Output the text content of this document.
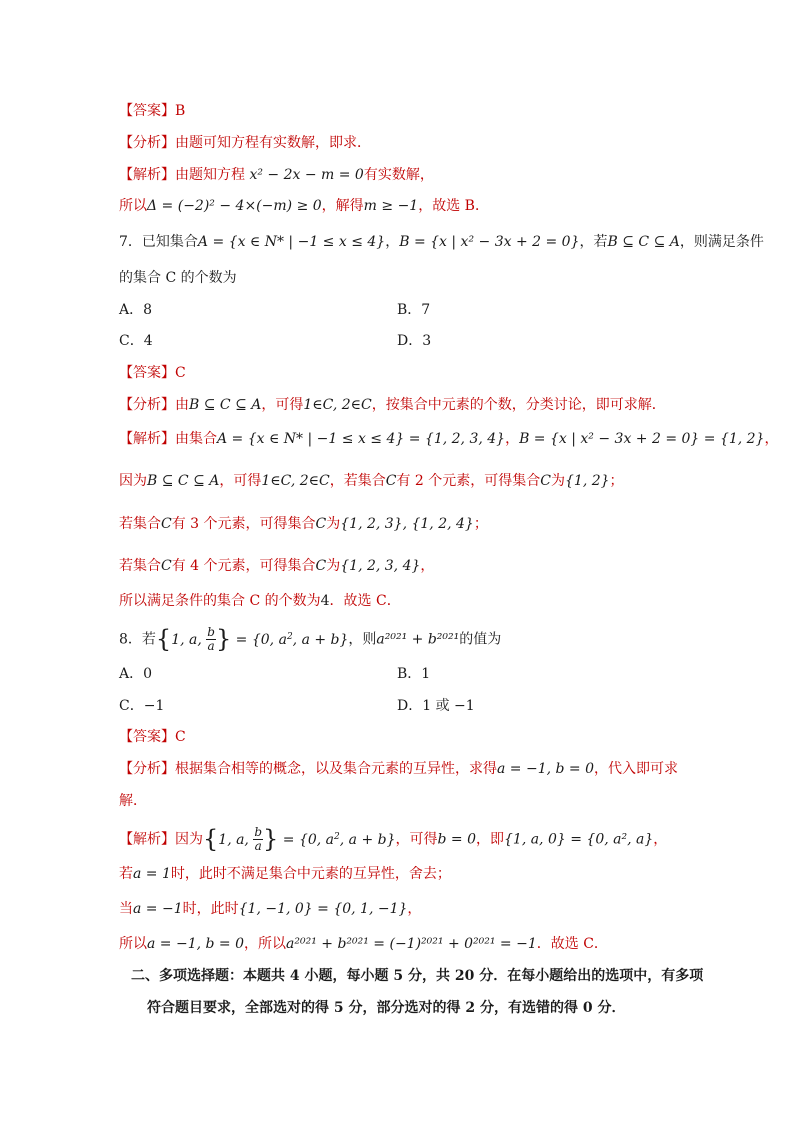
【答案】B
【分析】由题可知方程有实数解，即求．
【解析】由题知方程 x² − 2x − m = 0有实数解，
所以Δ = (−2)² − 4×(−m) ≥ 0，解得m ≥ −1，故选 B．
7．已知集合A = {x ∈ N* | −1 ≤ x ≤ 4}，B = {x | x² − 3x + 2 = 0}，若B ⊆ C ⊆ A，则满足条件
的集合 C 的个数为
A．8	B．7
C．4	D．3
【答案】C
【分析】由B ⊆ C ⊆ A，可得1∈C, 2∈C，按集合中元素的个数，分类讨论，即可求解．
【解析】由集合A = {x ∈ N* | −1 ≤ x ≤ 4} = {1, 2, 3, 4}，B = {x | x² − 3x + 2 = 0} = {1, 2}，
因为B ⊆ C ⊆ A，可得1∈C, 2∈C，若集合C有 2 个元素，可得集合C为{1, 2}；
若集合C有 3 个元素，可得集合C为{1, 2, 3}, {1, 2, 4}；
若集合C有 4 个元素，可得集合C为{1, 2, 3, 4}，
所以满足条件的集合 C 的个数为4．故选 C．
8．若{1, a, $\frac{b}{a}$ } = {0, $a^2$, a + b}，则a²⁰²¹ + b²⁰²¹的值为
A．0	B．1
C．−1	D．1 或 −1
【答案】C
【分析】根据集合相等的概念，以及集合元素的互异性，求得a = −1, b = 0，代入即可求
解．
【解析】因为{1, a, $\frac{b}{a}$ } = {0, $a^2$, a + b}，可得b = 0，即{1, a, 0} = {0, a², a}，
若a = 1时，此时不满足集合中元素的互异性，舍去；
当a = −1时，此时{1, −1, 0} = {0, 1, −1}，
所以a = −1, b = 0，所以a²⁰²¹ + b²⁰²¹ = (−1)²⁰²¹ + 0²⁰²¹ = −1．故选 C．
二、多项选择题：本题共 4 小题，每小题 5 分，共 20 分．在每小题给出的选项中，有多项
符合题目要求，全部选对的得 5 分，部分选对的得 2 分，有选错的得 0 分．
